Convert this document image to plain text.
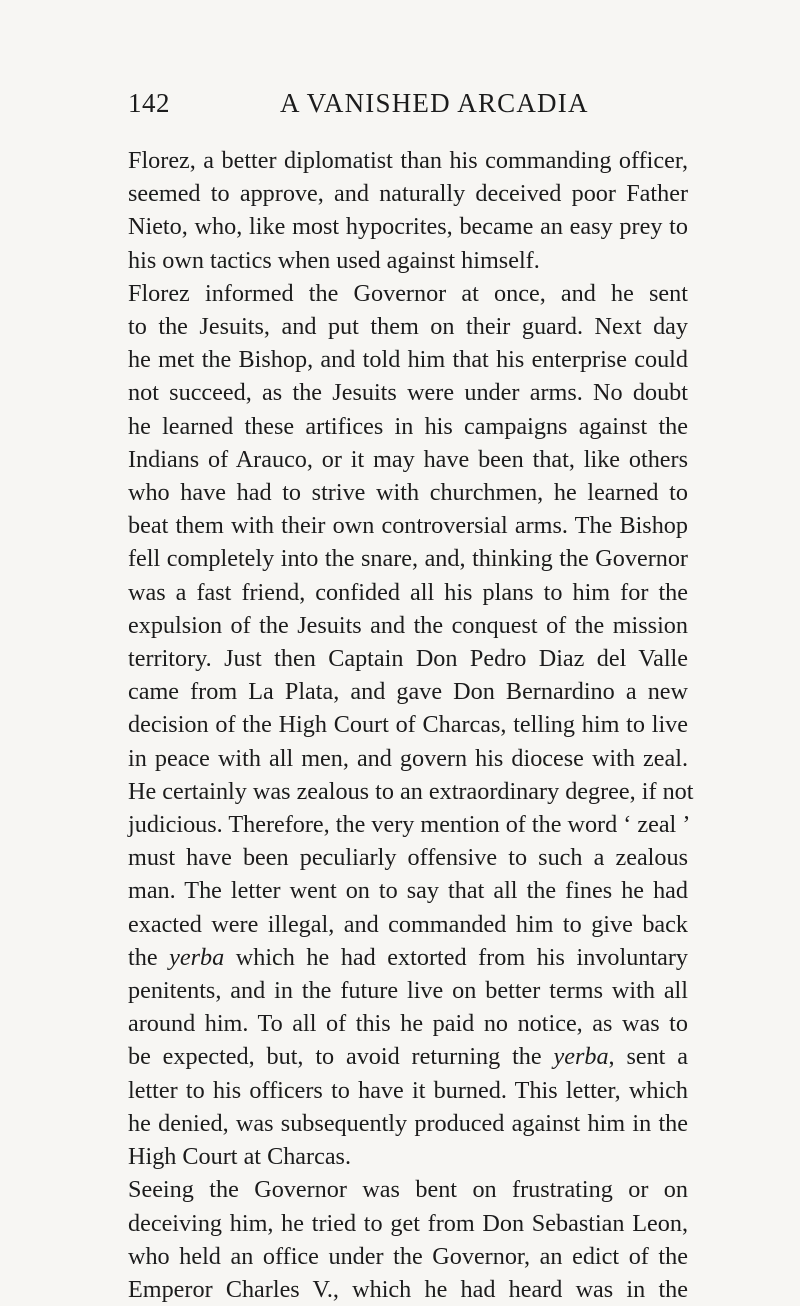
142	A VANISHED ARCADIA
Florez, a better diplomatist than his commanding officer,
seemed to approve, and naturally deceived poor Father
Nieto, who, like most hypocrites, became an easy prey to
his own tactics when used against himself.
Florez informed the Governor at once, and he sent
to the Jesuits, and put them on their guard. Next day
he met the Bishop, and told him that his enterprise could
not succeed, as the Jesuits were under arms. No doubt
he learned these artifices in his campaigns against the
Indians of Arauco, or it may have been that, like others
who have had to strive with churchmen, he learned to
beat them with their own controversial arms. The Bishop
fell completely into the snare, and, thinking the Governor
was a fast friend, confided all his plans to him for the
expulsion of the Jesuits and the conquest of the mission
territory. Just then Captain Don Pedro Diaz del Valle
came from La Plata, and gave Don Bernardino a new
decision of the High Court of Charcas, telling him to live
in peace with all men, and govern his diocese with zeal.
He certainly was zealous to an extraordinary degree, if not
judicious. Therefore, the very mention of the word ‘ zeal ’
must have been peculiarly offensive to such a zealous
man. The letter went on to say that all the fines he had
exacted were illegal, and commanded him to give back
the yerba which he had extorted from his involuntary
penitents, and in the future live on better terms with all
around him. To all of this he paid no notice, as was to
be expected, but, to avoid returning the yerba, sent a
letter to his officers to have it burned. This letter, which
he denied, was subsequently produced against him in the
High Court at Charcas.
Seeing the Governor was bent on frustrating or on
deceiving him, he tried to get from Don Sebastian Leon,
who held an office under the Governor, an edict of the
Emperor Charles V., which he had heard was in the
